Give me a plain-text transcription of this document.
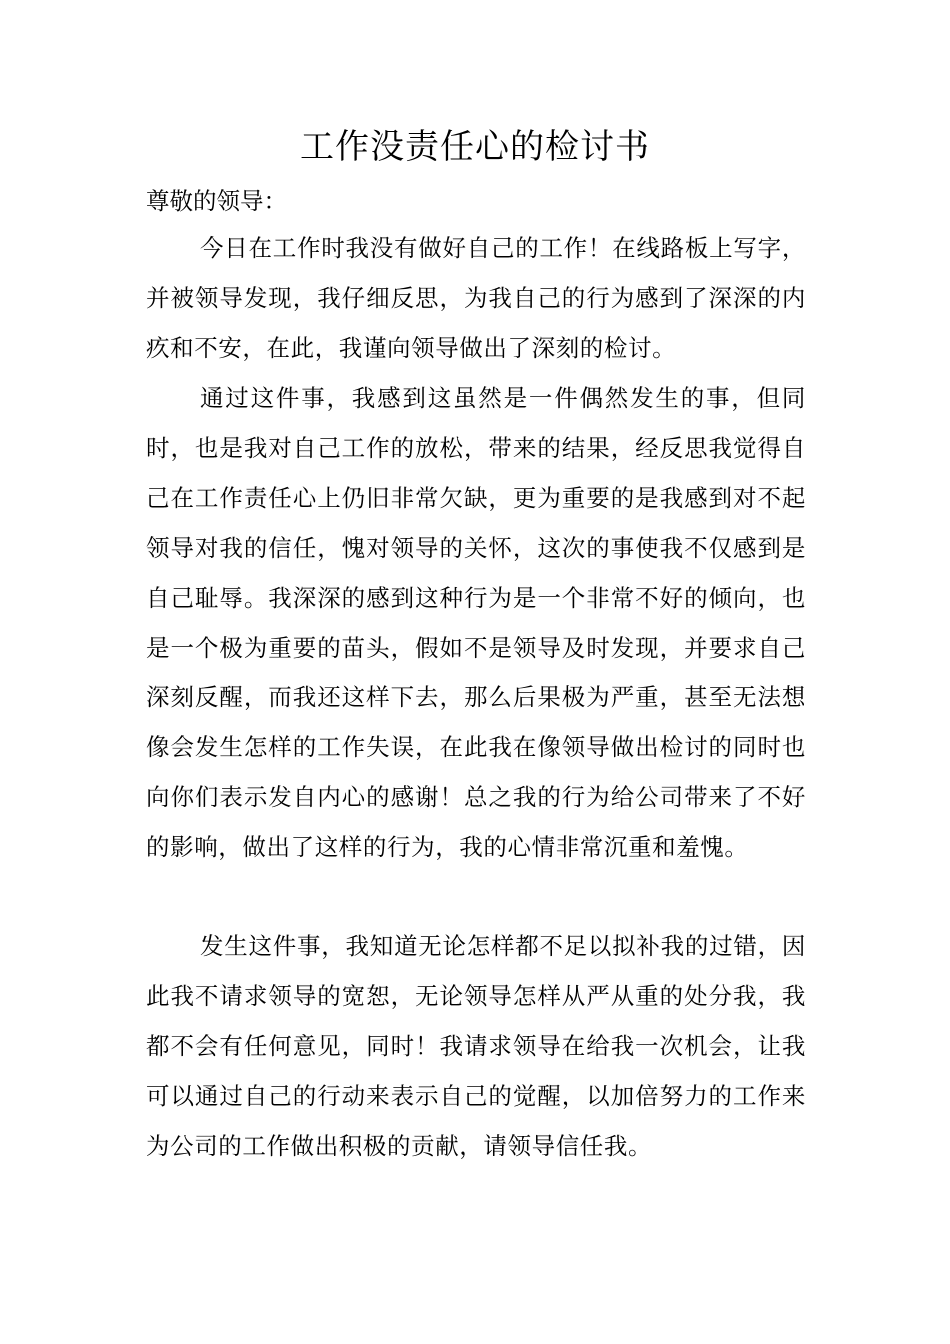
工作没责任心的检讨书
尊敬的领导：

今日在工作时我没有做好自己的工作！在线路板上写字，并被领导发现，我仔细反思，为我自己的行为感到了深深的内疚和不安，在此，我谨向领导做出了深刻的检讨。

通过这件事，我感到这虽然是一件偶然发生的事，但同时，也是我对自己工作的放松，带来的结果，经反思我觉得自己在工作责任心上仍旧非常欠缺，更为重要的是我感到对不起领导对我的信任，愧对领导的关怀，这次的事使我不仅感到是自己耻辱。我深深的感到这种行为是一个非常不好的倾向，也是一个极为重要的苗头，假如不是领导及时发现，并要求自己深刻反醒，而我还这样下去，那么后果极为严重，甚至无法想像会发生怎样的工作失误，在此我在像领导做出检讨的同时也向你们表示发自内心的感谢！总之我的行为给公司带来了不好的影响，做出了这样的行为，我的心情非常沉重和羞愧。

发生这件事，我知道无论怎样都不足以拟补我的过错，因此我不请求领导的宽恕，无论领导怎样从严从重的处分我，我都不会有任何意见，同时！我请求领导在给我一次机会，让我可以通过自己的行动来表示自己的觉醒，以加倍努力的工作来为公司的工作做出积极的贡献，请领导信任我。
